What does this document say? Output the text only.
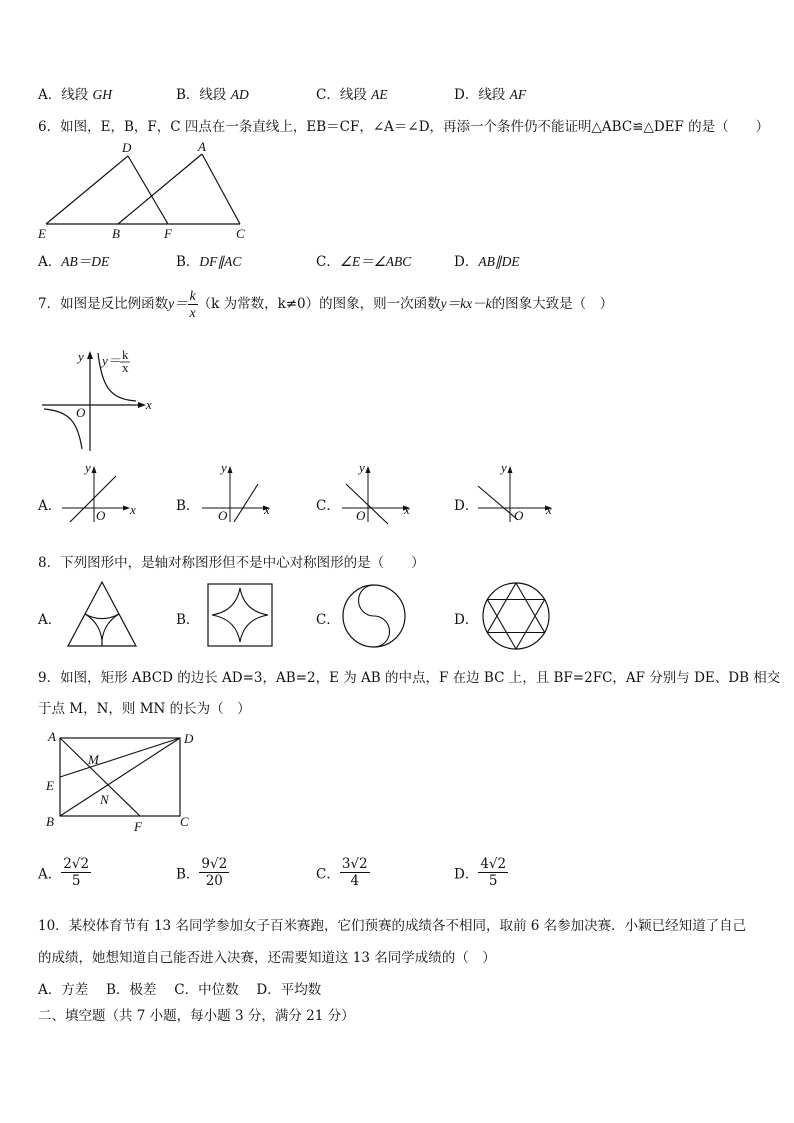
A．线段 GH	B．线段 AD	C．线段 AE	D．线段 AF
6．如图，E，B，F，C 四点在一条直线上，EB＝CF，∠A＝∠D，再添一个条件仍不能证明△ABC≌△DEF 的是（　　）
D	A
E	B	F	C
A．AB＝DE	B．DF∥AC	C．∠E＝∠ABC	D．AB∥DE
7．如图是反比例函数$y= \frac{k}{x} (k$ 为常数，k≠0）的图象，则一次函数y＝kx－k的图象大致是（　）
x
y
O
y＝ k
x
A．	x
y
O
B．	x
y
O
C．	x
y
O
D．	x
y
O
8．下列图形中，是轴对称图形但不是中心对称图形的是（　　）
A．	B．	C．	D．
9．如图，矩形 ABCD 的边长 AD=3，AB=2，E 为 AB 的中点，F 在边 BC 上，且 BF=2FC，AF 分别与 DE、DB 相交
于点 M，N，则 MN 的长为（　）
A	D
M
E
N
B	F	C
A． $\frac{2√2}{5}$	B． $\frac{9√2}{20}$	C． $\frac{3√2}{4}$	D． $\frac{4√2}{5}$
10．某校体育节有 13 名同学参加女子百米赛跑，它们预赛的成绩各不相同，取前 6 名参加决赛．小颖已经知道了自己
的成绩，她想知道自己能否进入决赛，还需要知道这 13 名同学成绩的（　）
A．方差　 B．极差　 C．中位数　 D．平均数
二、填空题（共 7 小题，每小题 3 分，满分 21 分）
